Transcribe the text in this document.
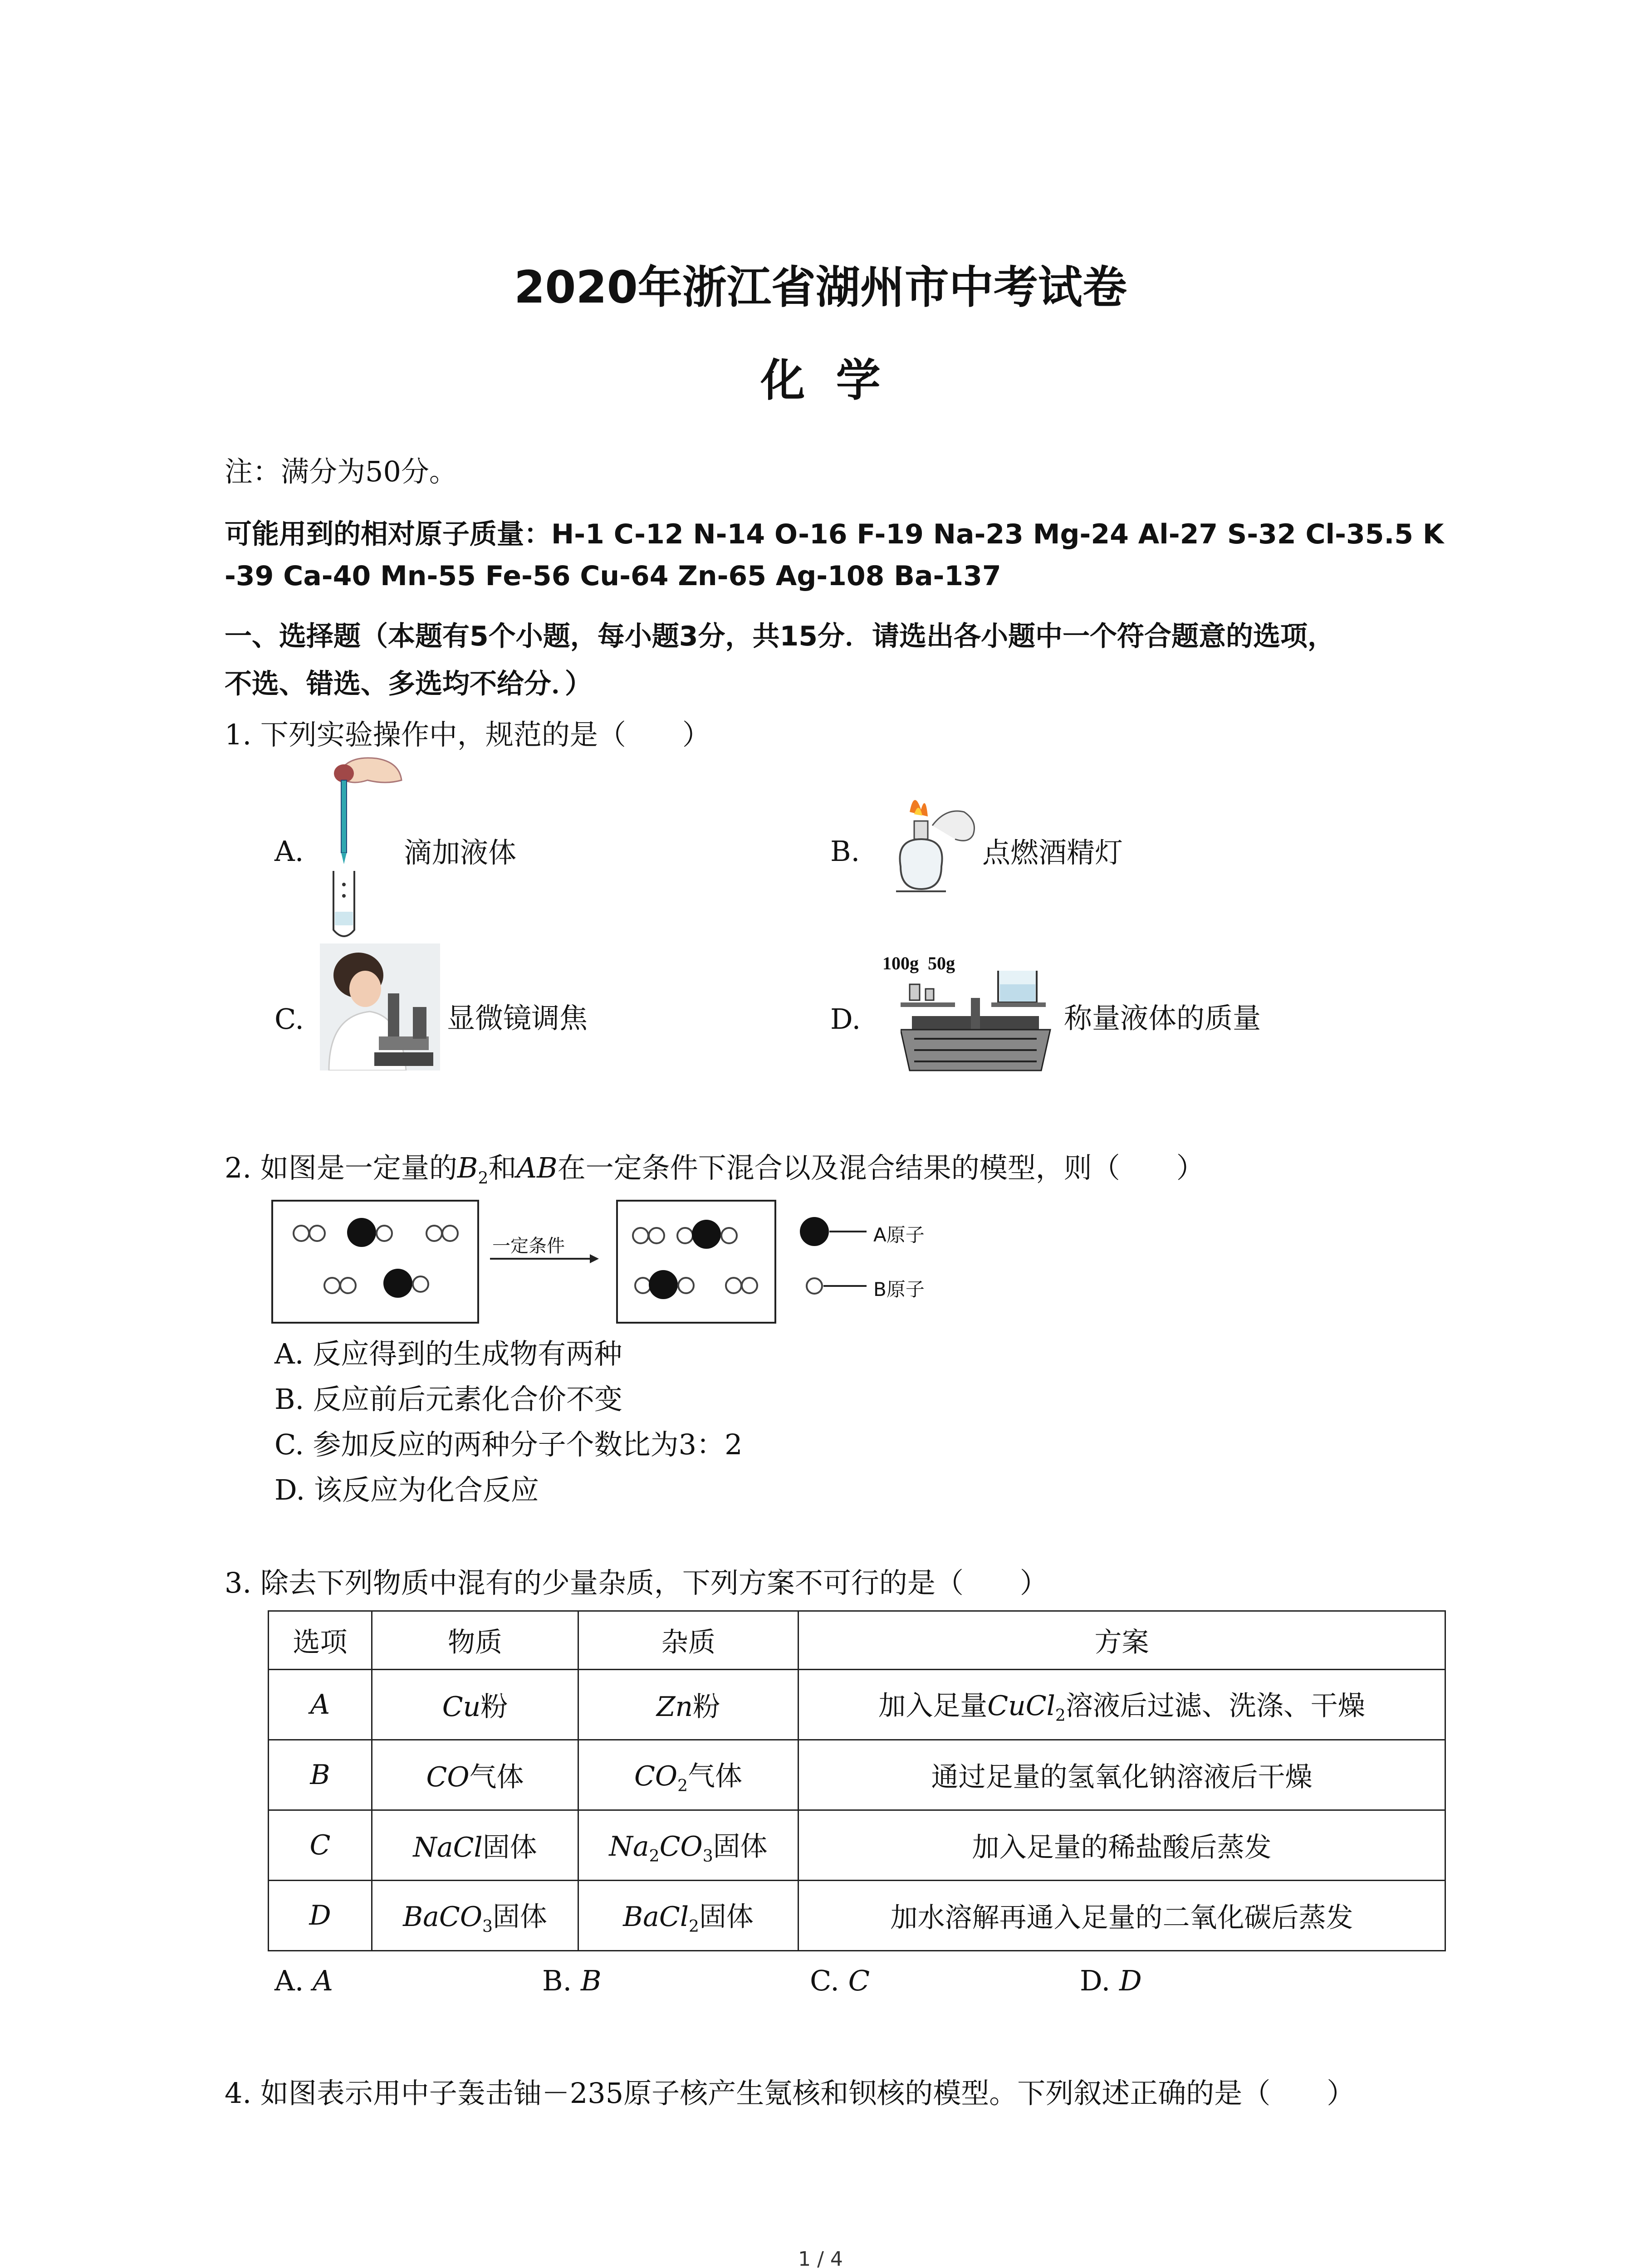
2020年浙江省湖州市中考试卷
化  学
注：满分为50分。
可能用到的相对原子质量：H-1 C-12 N-14 O-16 F-19 Na-23 Mg-24 Al-27 S-32 Cl-35.5 K
-39 Ca-40 Mn-55 Fe-56 Cu-64 Zn-65 Ag-108 Ba-137
一、选择题（本题有5个小题，每小题3分，共15分．请选出各小题中一个符合题意的选项，
不选、错选、多选均不给分．）
1. 下列实验操作中，规范的是（　　）
A.	滴加液体	B.	点燃酒精灯
C.	显微镜调焦	D.
100g  50g
称量液体的质量
2. 如图是一定量的$B_2$和AB在一定条件下混合以及混合结果的模型，则（　　）
一定条件	A原子
B原子
A. 反应得到的生成物有两种
B. 反应前后元素化合价不变
C. 参加反应的两种分子个数比为3：2
D. 该反应为化合反应
3. 除去下列物质中混有的少量杂质，下列方案不可行的是（　　）
选项	物质	杂质	方案
A	Cu粉	Zn粉	加入足量CuCl$_2$溶液后过滤、洗涤、干燥
B	CO气体	$CO_2$气体	通过足量的氢氧化钠溶液后干燥
C	NaCl固体	$Na_2CO_3$固体	加入足量的稀盐酸后蒸发
D	BaCO$_3$固体	BaCl$_2$固体	加水溶解再通入足量的二氧化碳后蒸发
A. A	B. B	C. C	D. D
4. 如图表示用中子轰击铀－235原子核产生氪核和钡核的模型。下列叙述正确的是（　　）
1 / 4
